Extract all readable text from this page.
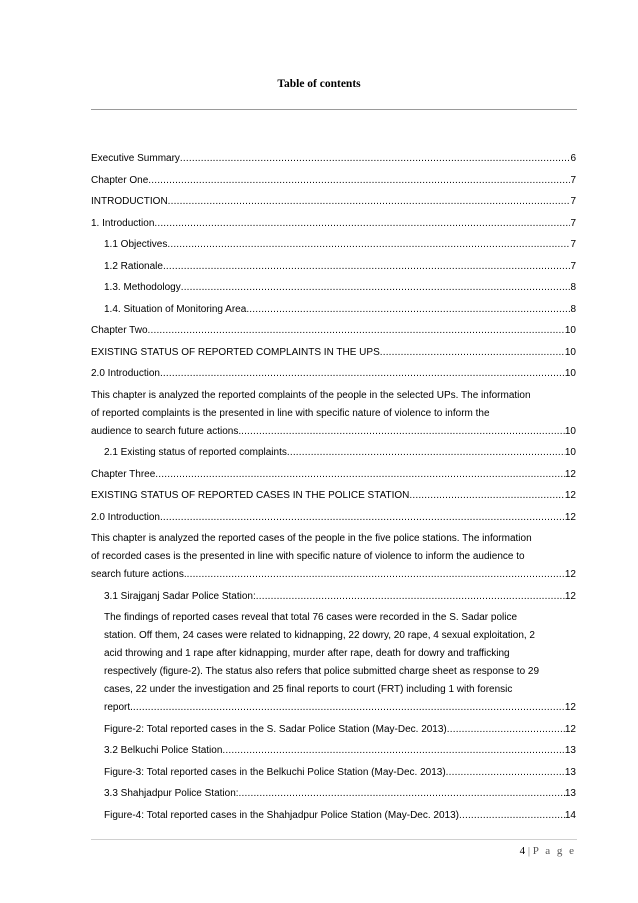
Table of contents
Executive Summary .....	6
Chapter One .....	7
INTRODUCTION .....	7
1. Introduction .....	7
1.1 Objectives .....	7
1.2 Rationale .....	7
1.3. Methodology .....	8
1.4. Situation of Monitoring Area .....	8
Chapter Two .....	10
EXISTING STATUS OF REPORTED COMPLAINTS IN THE UPS .....	10
2.0 Introduction .....	10
This chapter is analyzed the reported complaints of the people in the selected UPs. The information
of reported complaints is the presented in line with specific nature of violence to inform the
audience to search future actions. .....	10
2.1 Existing status of reported complaints .....	10
Chapter Three .....	12
EXISTING STATUS OF REPORTED CASES IN THE POLICE STATION .....	12
2.0 Introduction .....	12
This chapter is analyzed the reported cases of the people in the five police stations. The information
of recorded cases is the presented in line with specific nature of violence to inform the audience to
search future actions. .....	12
3.1 Sirajganj Sadar Police Station: .....	12
The findings of reported cases reveal that total 76 cases were recorded in the S. Sadar police
station. Off them, 24 cases were related to kidnapping, 22 dowry, 20 rape, 4 sexual exploitation, 2
acid throwing and 1 rape after kidnapping, murder after rape, death for dowry and trafficking
respectively (figure-2). The status also refers that police submitted charge sheet as response to 29
cases, 22 under the investigation and 25 final reports to court (FRT) including 1 with forensic
report. .....	12
Figure-2: Total reported cases in the S. Sadar Police Station (May-Dec. 2013) .....	12
3.2 Belkuchi Police Station .....	13
Figure-3: Total reported cases in the Belkuchi Police Station (May-Dec. 2013) .....	13
3.3 Shahjadpur Police Station: .....	13
Figure-4: Total reported cases in the Shahjadpur Police Station (May-Dec. 2013) .....	14
4 | P a g e
